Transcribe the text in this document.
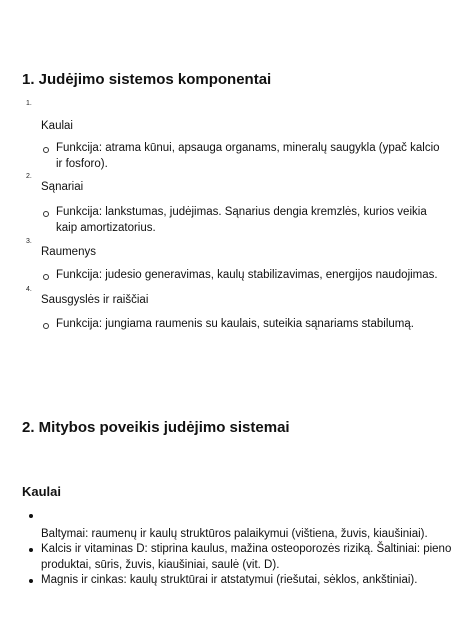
1. Judėjimo sistemos komponentai
1.
Kaulai
Funkcija: atrama kūnui, apsauga organams, mineralų saugykla (ypač kalcio ir fosforo).
2.
Sąnariai
Funkcija: lankstumas, judėjimas. Sąnarius dengia kremzlės, kurios veikia kaip amortizatorius.
3.
Raumenys
Funkcija: judesio generavimas, kaulų stabilizavimas, energijos naudojimas.
4.
Sausgyslės ir raiščiai
Funkcija: jungiama raumenis su kaulais, suteikia sąnariams stabilumą.
2. Mitybos poveikis judėjimo sistemai
Kaulai
Baltymai: raumenų ir kaulų struktūros palaikymui (vištiena, žuvis, kiaušiniai).
Kalcis ir vitaminas D: stiprina kaulus, mažina osteoporozės riziką. Šaltiniai: pieno produktai, sūris, žuvis, kiaušiniai, saulė (vit. D).
Magnis ir cinkas: kaulų struktūrai ir atstatymui (riešutai, sėklos, ankštiniai).
